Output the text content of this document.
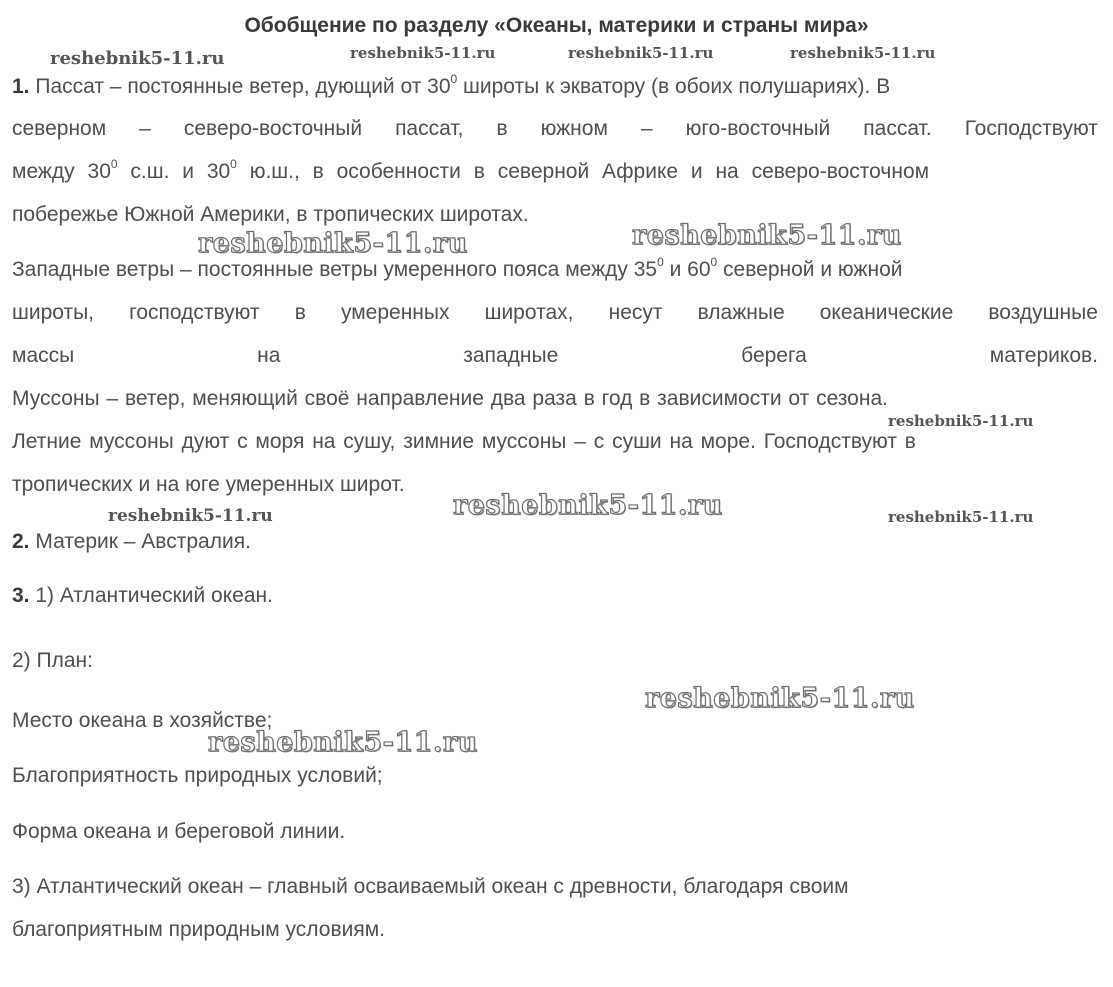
Обобщение по разделу «Океаны, материки и страны мира»
reshebnik5-11.ru	reshebnik5-11.ru	reshebnik5-11.ru	reshebnik5-11.ru
reshebnik5-11.ru	reshebnik5-11.ru
reshebnik5-11.ru
reshebnik5-11.ru	reshebnik5-11.ru	reshebnik5-11.ru
reshebnik5-11.ru
reshebnik5-11.ru
1. Пассат – постоянные ветер, дующий от $30^0$ широты к экватору (в обоих полушариях). В
северном – северо-восточный пассат, в южном – юго-восточный пассат. Господствуют
между $30^0$ с.ш. и $30^0$ ю.ш., в особенности в северной Африке и на северо-восточном
побережье Южной Америки, в тропических широтах.
Западные ветры – постоянные ветры умеренного пояса между $35^0$ и $60^0$ северной и южной
широты, господствуют в умеренных широтах, несут влажные океанические воздушные
массы	на	западные	берега	материков.
Муссоны – ветер, меняющий своё направление два раза в год в зависимости от сезона.
Летние муссоны дуют с моря на сушу, зимние муссоны – с суши на море. Господствуют в
тропических и на юге умеренных широт.
2. Материк – Австралия.
3. 1) Атлантический океан.
2) План:
Место океана в хозяйстве;
Благоприятность природных условий;
Форма океана и береговой линии.
3) Атлантический океан – главный осваиваемый океан с древности, благодаря своим
благоприятным природным условиям.
